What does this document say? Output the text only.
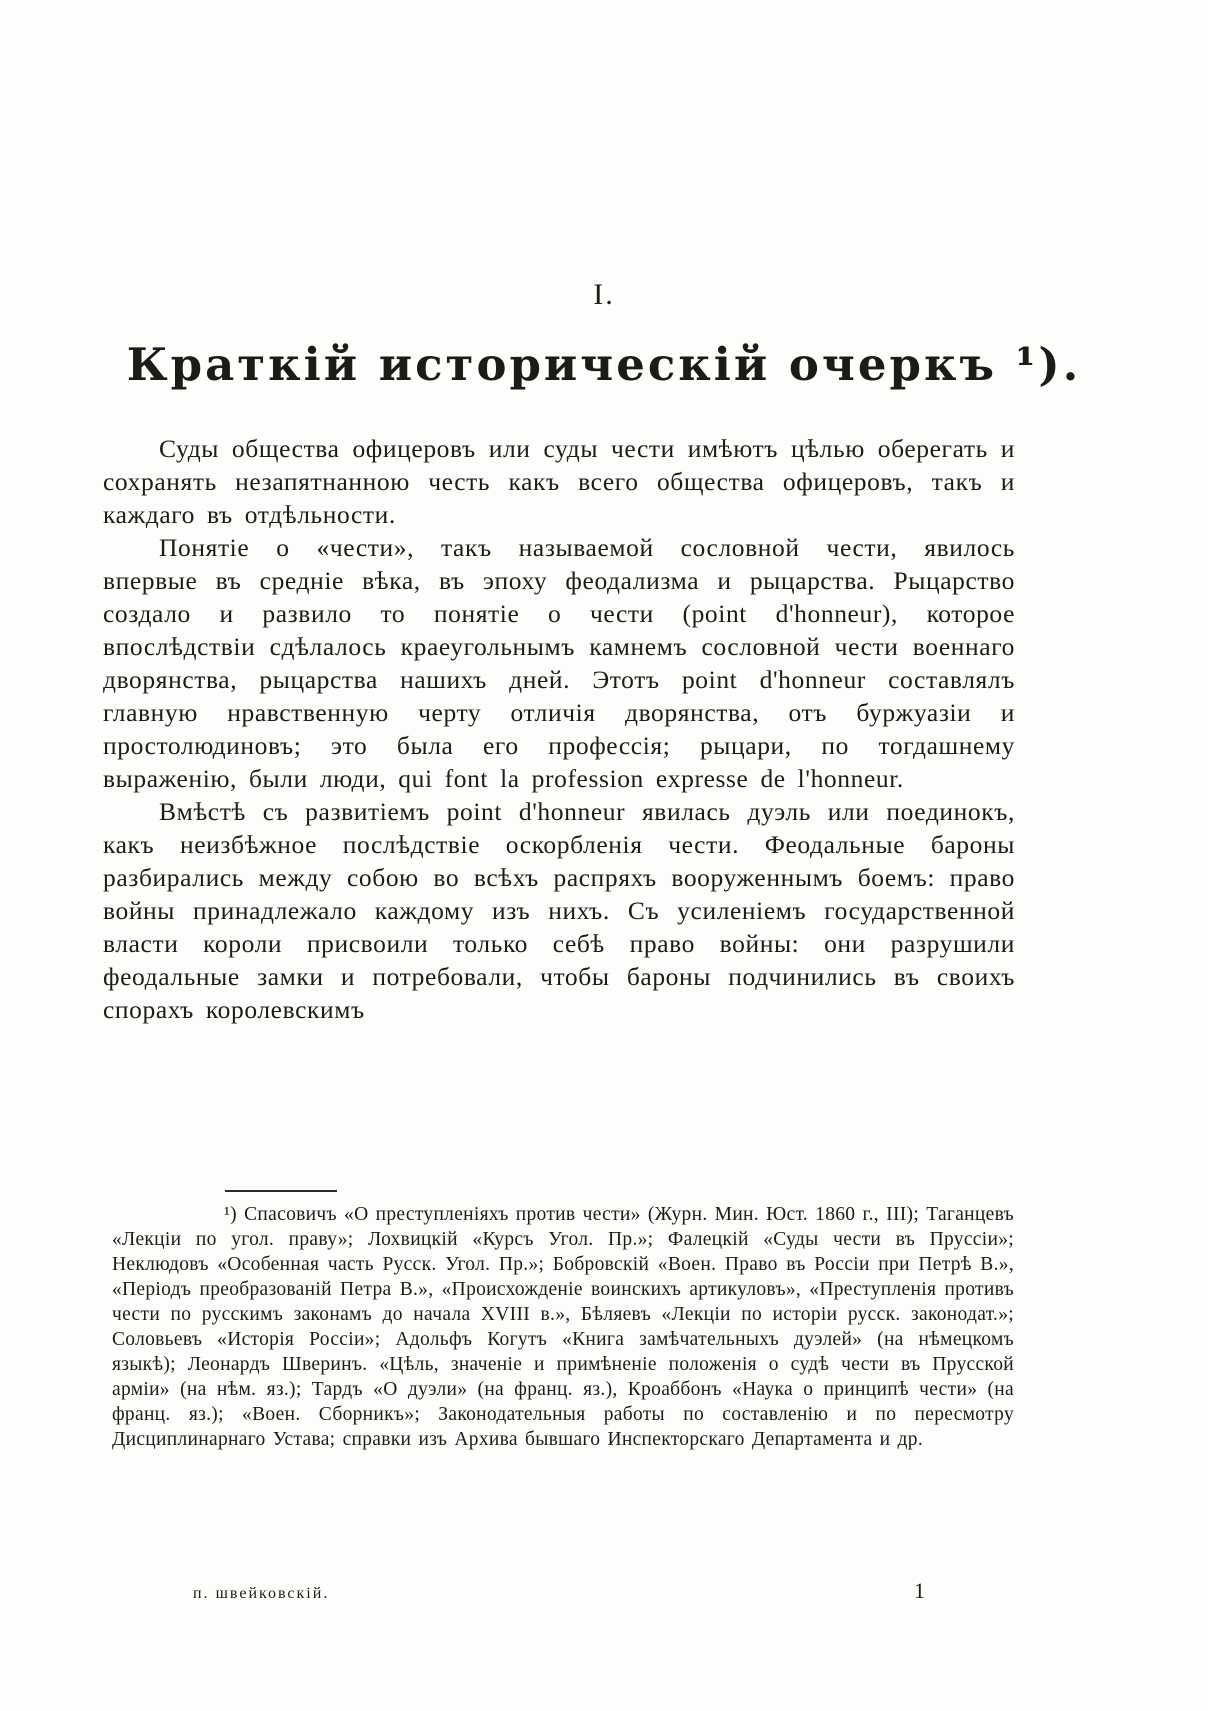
I.
Краткій историческій очеркъ ¹).

Суды общества офицеровъ или суды чести имѣютъ цѣлью оберегать и сохранять незапятнанною честь какъ всего общества офицеровъ, такъ и каждаго въ отдѣльности.

Понятіе о «чести», такъ называемой сословной чести, явилось впервые въ средніе вѣка, въ эпоху феодализма и рыцарства. Рыцарство создало и развило то понятіе о чести (point d'honneur), которое впослѣдствіи сдѣлалось краеугольнымъ камнемъ сословной чести военнаго дворянства, рыцарства нашихъ дней. Этотъ point d'honneur составлялъ главную нравственную черту отличія дворянства, отъ буржуазіи и простолюдиновъ; это была его профессія; рыцари, по тогдашнему выраженію, были люди, qui font la profession expresse de l'honneur.

Вмѣстѣ съ развитіемъ point d'honneur явилась дуэль или поединокъ, какъ неизбѣжное послѣдствіе оскорбленія чести. Феодальные бароны разбирались между собою во всѣхъ распряхъ вооруженнымъ боемъ: право войны принадлежало каждому изъ нихъ. Съ усиленіемъ государственной власти короли присвоили только себѣ право войны: они разрушили феодальные замки и потребовали, чтобы бароны подчинились въ своихъ спорахъ королевскимъ

¹) Спасовичъ «О преступленіяхъ против чести» (Журн. Мин. Юст. 1860 г., III); Таганцевъ «Лекціи по угол. праву»; Лохвицкій «Курсъ Угол. Пр.»; Фалецкій «Суды чести въ Пруссіи»; Неклюдовъ «Особенная часть Русск. Угол. Пр.»; Бобровскій «Воен. Право въ Россіи при Петрѣ В.», «Періодъ преобразованій Петра В.», «Происхожденіе воинскихъ артикуловъ», «Преступленія противъ чести по русскимъ законамъ до начала XVIII в.», Бѣляевъ «Лекціи по исторіи русск. законодат.»; Соловьевъ «Исторія Россіи»; Адольфъ Когутъ «Книга замѣчательныхъ дуэлей» (на нѣмецкомъ языкѣ); Леонардъ Шверинъ. «Цѣль, значеніе и примѣненіе положенія о судѣ чести въ Прусской арміи» (на нѣм. яз.); Тардъ «О дуэли» (на франц. яз.), Кроаббонъ «Наука о принципѣ чести» (на франц. яз.); «Воен. Сборникъ»; Законодательныя работы по составленію и по пересмотру Дисциплинарнаго Устава; справки изъ Архива бывшаго Инспекторскаго Департамента и др.
п. швейковскій.	1
